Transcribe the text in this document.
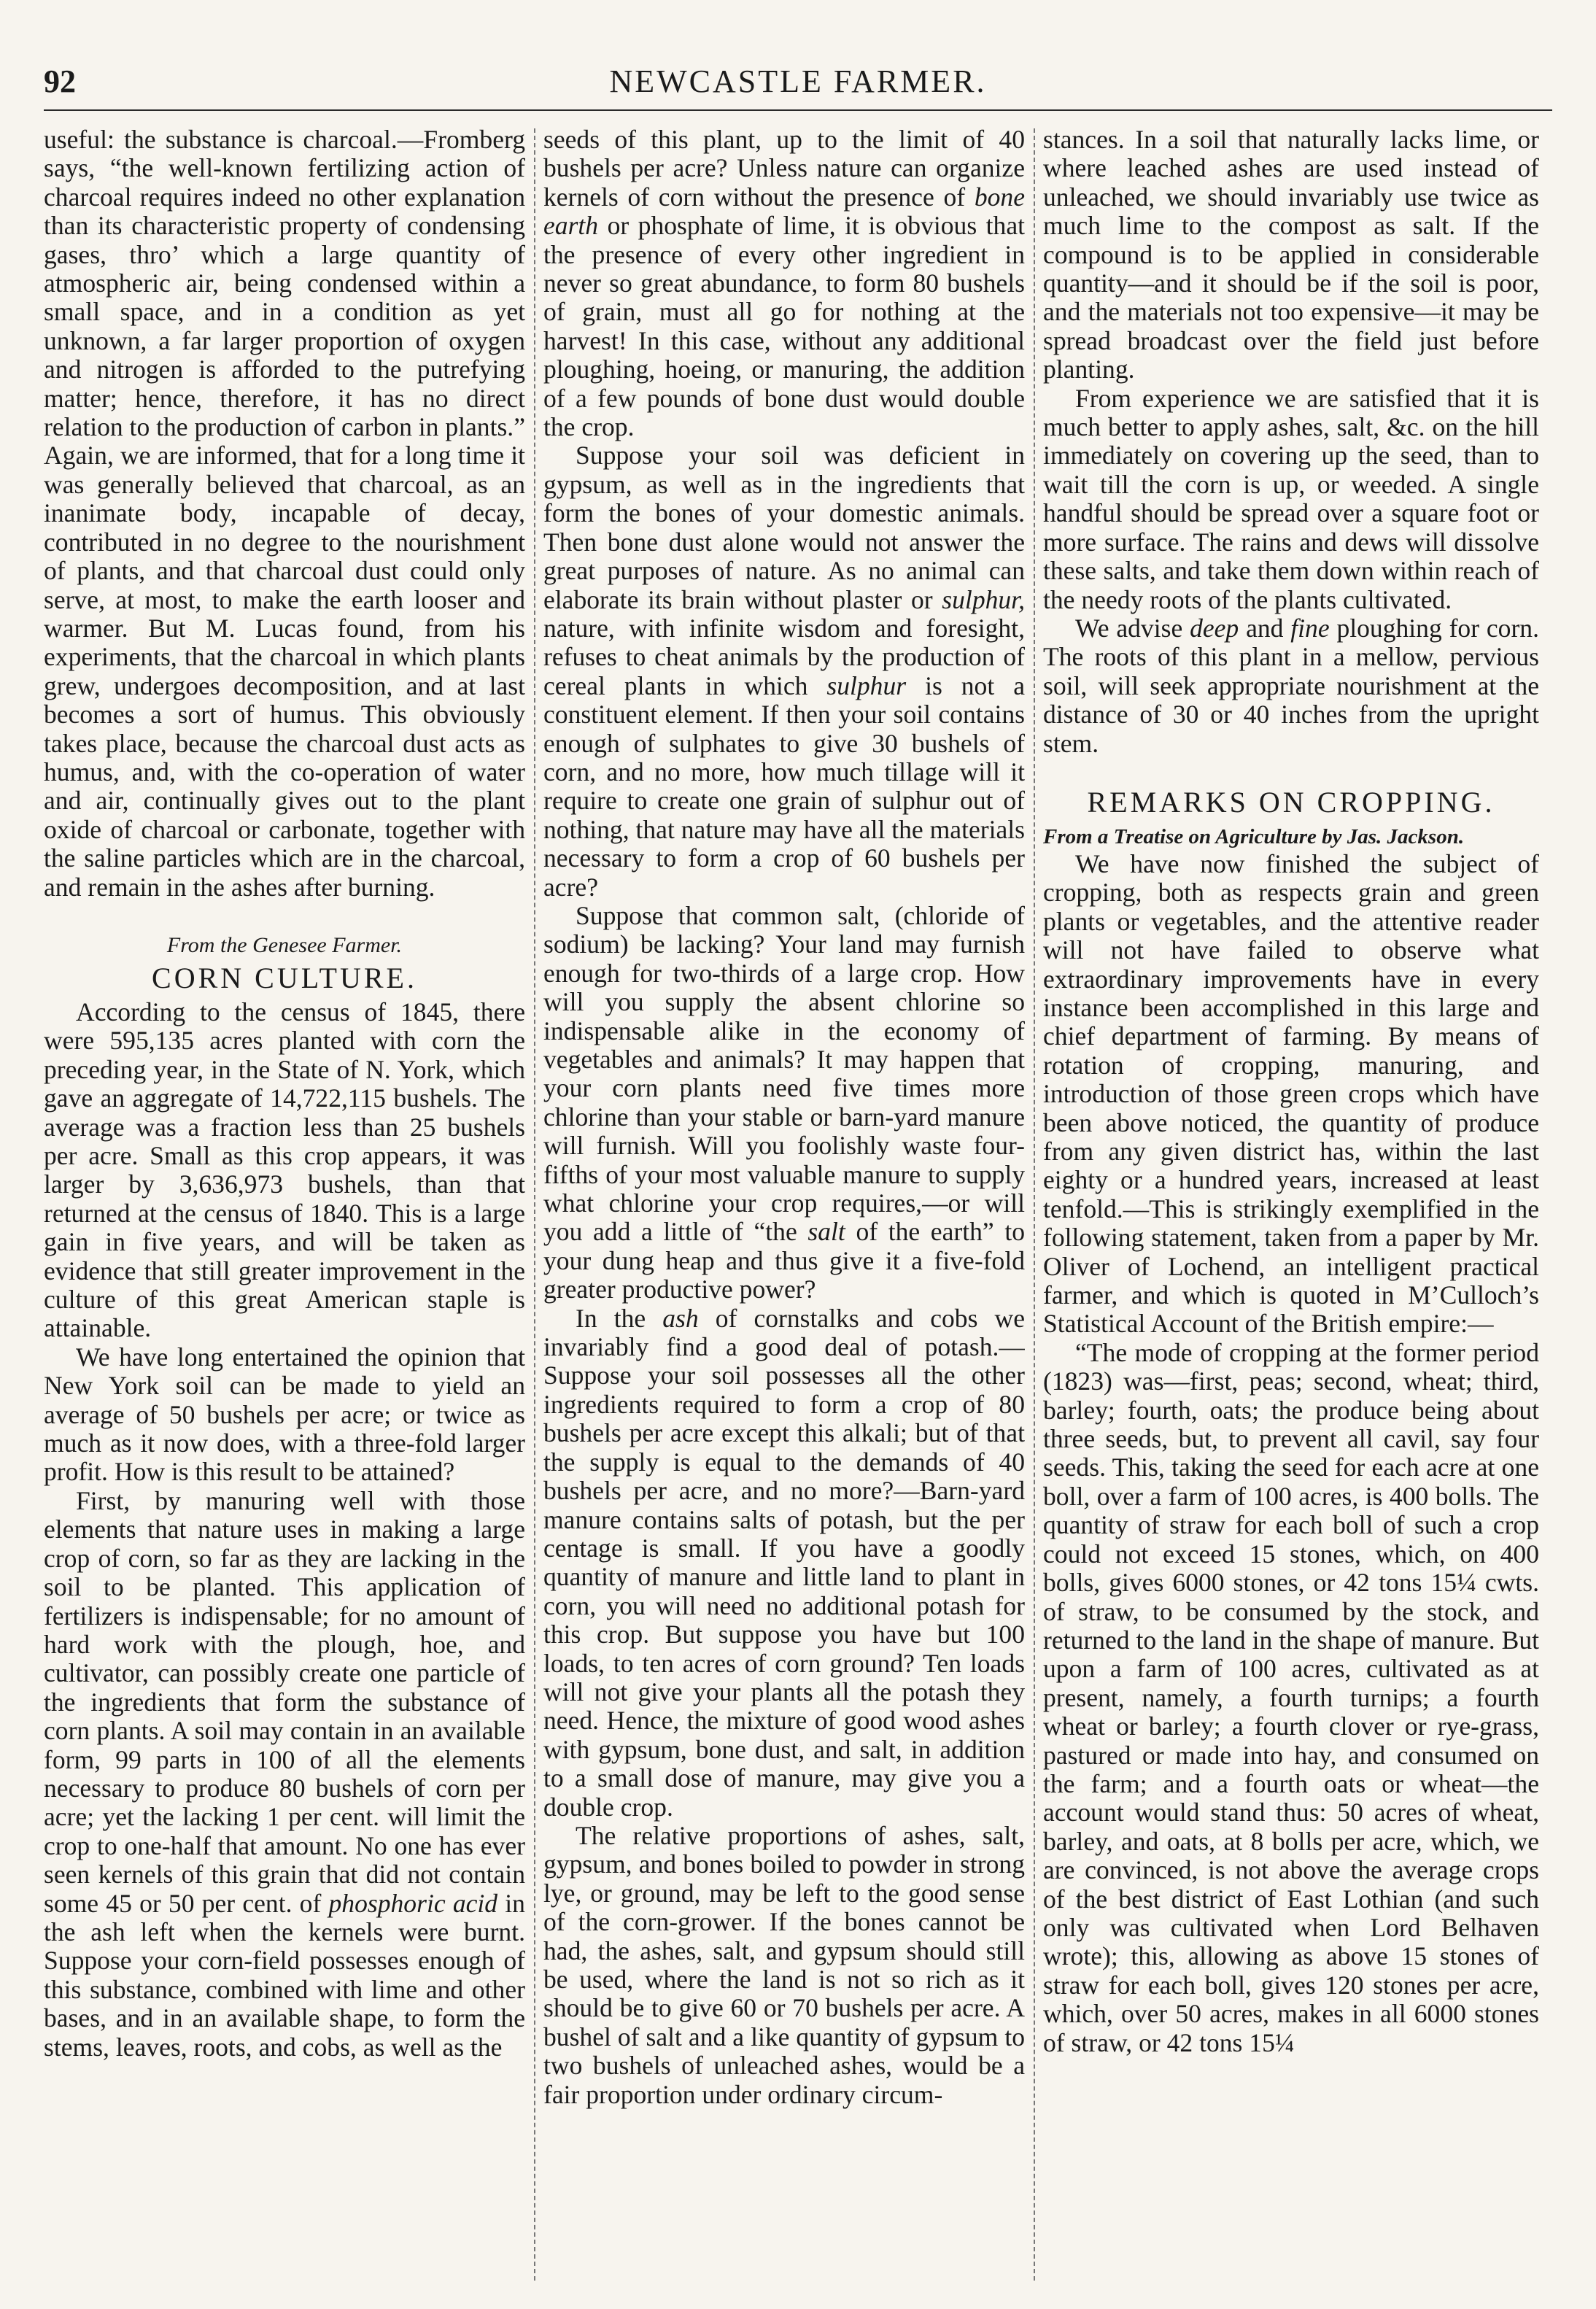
92	NEWCASTLE FARMER.

useful: the substance is charcoal.—Fromberg says, “the well-known fertilizing action of charcoal requires indeed no other explanation than its characteristic property of condensing gases, thro’ which a large quantity of atmospheric air, being condensed within a small space, and in a condition as yet unknown, a far larger proportion of oxygen and nitrogen is afforded to the putrefying matter; hence, therefore, it has no direct relation to the production of carbon in plants.” Again, we are informed, that for a long time it was generally believed that charcoal, as an inanimate body, incapable of decay, contributed in no degree to the nourishment of plants, and that charcoal dust could only serve, at most, to make the earth looser and warmer. But M. Lucas found, from his experiments, that the charcoal in which plants grew, undergoes decomposition, and at last becomes a sort of humus. This obviously takes place, because the charcoal dust acts as humus, and, with the co-operation of water and air, continually gives out to the plant oxide of charcoal or carbonate, together with the saline particles which are in the charcoal, and remain in the ashes after burning.

From the Genesee Farmer.
CORN CULTURE.

According to the census of 1845, there were 595,135 acres planted with corn the preceding year, in the State of N. York, which gave an aggregate of 14,722,115 bushels. The average was a fraction less than 25 bushels per acre. Small as this crop appears, it was larger by 3,636,973 bushels, than that returned at the census of 1840. This is a large gain in five years, and will be taken as evidence that still greater improvement in the culture of this great American staple is attainable.

We have long entertained the opinion that New York soil can be made to yield an average of 50 bushels per acre; or twice as much as it now does, with a three-fold larger profit. How is this result to be attained?

First, by manuring well with those elements that nature uses in making a large crop of corn, so far as they are lacking in the soil to be planted. This application of fertilizers is indispensable; for no amount of hard work with the plough, hoe, and cultivator, can possibly create one particle of the ingredients that form the substance of corn plants. A soil may contain in an available form, 99 parts in 100 of all the elements necessary to produce 80 bushels of corn per acre; yet the lacking 1 per cent. will limit the crop to one-half that amount. No one has ever seen kernels of this grain that did not contain some 45 or 50 per cent. of phosphoric acid in the ash left when the kernels were burnt. Suppose your corn-field possesses enough of this substance, combined with lime and other bases, and in an available shape, to form the stems, leaves, roots, and cobs, as well as the

seeds of this plant, up to the limit of 40 bushels per acre? Unless nature can organize kernels of corn without the presence of bone earth or phosphate of lime, it is obvious that the presence of every other ingredient in never so great abundance, to form 80 bushels of grain, must all go for nothing at the harvest! In this case, without any additional ploughing, hoeing, or manuring, the addition of a few pounds of bone dust would double the crop.

Suppose your soil was deficient in gypsum, as well as in the ingredients that form the bones of your domestic animals. Then bone dust alone would not answer the great purposes of nature. As no animal can elaborate its brain without plaster or sulphur, nature, with infinite wisdom and foresight, refuses to cheat animals by the production of cereal plants in which sulphur is not a constituent element. If then your soil contains enough of sulphates to give 30 bushels of corn, and no more, how much tillage will it require to create one grain of sulphur out of nothing, that nature may have all the materials necessary to form a crop of 60 bushels per acre?

Suppose that common salt, (chloride of sodium) be lacking? Your land may furnish enough for two-thirds of a large crop. How will you supply the absent chlorine so indispensable alike in the economy of vegetables and animals? It may happen that your corn plants need five times more chlorine than your stable or barn-yard manure will furnish. Will you foolishly waste four-fifths of your most valuable manure to supply what chlorine your crop requires,—or will you add a little of “the salt of the earth” to your dung heap and thus give it a five-fold greater productive power?

In the ash of cornstalks and cobs we invariably find a good deal of potash.—Suppose your soil possesses all the other ingredients required to form a crop of 80 bushels per acre except this alkali; but of that the supply is equal to the demands of 40 bushels per acre, and no more?—Barn-yard manure contains salts of potash, but the per centage is small. If you have a goodly quantity of manure and little land to plant in corn, you will need no additional potash for this crop. But suppose you have but 100 loads, to ten acres of corn ground? Ten loads will not give your plants all the potash they need. Hence, the mixture of good wood ashes with gypsum, bone dust, and salt, in addition to a small dose of manure, may give you a double crop.

The relative proportions of ashes, salt, gypsum, and bones boiled to powder in strong lye, or ground, may be left to the good sense of the corn-grower. If the bones cannot be had, the ashes, salt, and gypsum should still be used, where the land is not so rich as it should be to give 60 or 70 bushels per acre. A bushel of salt and a like quantity of gypsum to two bushels of unleached ashes, would be a fair proportion under ordinary circum-

stances. In a soil that naturally lacks lime, or where leached ashes are used instead of unleached, we should invariably use twice as much lime to the compost as salt. If the compound is to be applied in considerable quantity—and it should be if the soil is poor, and the materials not too expensive—it may be spread broadcast over the field just before planting.

From experience we are satisfied that it is much better to apply ashes, salt, &c. on the hill immediately on covering up the seed, than to wait till the corn is up, or weeded. A single handful should be spread over a square foot or more surface. The rains and dews will dissolve these salts, and take them down within reach of the needy roots of the plants cultivated.

We advise deep and fine ploughing for corn. The roots of this plant in a mellow, pervious soil, will seek appropriate nourishment at the distance of 30 or 40 inches from the upright stem.

REMARKS ON CROPPING.
From a Treatise on Agriculture by Jas. Jackson.

We have now finished the subject of cropping, both as respects grain and green plants or vegetables, and the attentive reader will not have failed to observe what extraordinary improvements have in every instance been accomplished in this large and chief department of farming. By means of rotation of cropping, manuring, and introduction of those green crops which have been above noticed, the quantity of produce from any given district has, within the last eighty or a hundred years, increased at least tenfold.—This is strikingly exemplified in the following statement, taken from a paper by Mr. Oliver of Lochend, an intelligent practical farmer, and which is quoted in M’Culloch’s Statistical Account of the British empire:—

“The mode of cropping at the former period (1823) was—first, peas; second, wheat; third, barley; fourth, oats; the produce being about three seeds, but, to prevent all cavil, say four seeds. This, taking the seed for each acre at one boll, over a farm of 100 acres, is 400 bolls. The quantity of straw for each boll of such a crop could not exceed 15 stones, which, on 400 bolls, gives 6000 stones, or 42 tons 15¼ cwts. of straw, to be consumed by the stock, and returned to the land in the shape of manure. But upon a farm of 100 acres, cultivated as at present, namely, a fourth turnips; a fourth wheat or barley; a fourth clover or rye-grass, pastured or made into hay, and consumed on the farm; and a fourth oats or wheat—the account would stand thus: 50 acres of wheat, barley, and oats, at 8 bolls per acre, which, we are convinced, is not above the average crops of the best district of East Lothian (and such only was cultivated when Lord Belhaven wrote); this, allowing as above 15 stones of straw for each boll, gives 120 stones per acre, which, over 50 acres, makes in all 6000 stones of straw, or 42 tons 15¼
